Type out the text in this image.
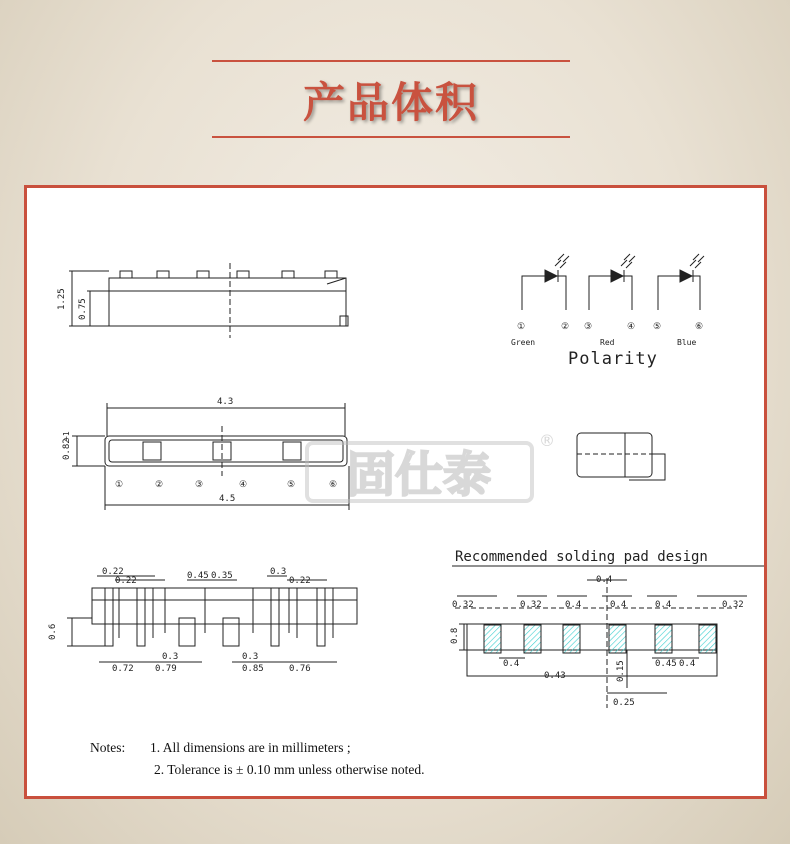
产品体积
1.25 0.75
4.3
4.5
0.82
+1
①	②	③	④	⑤	⑥ 固仕泰
®
①	② ③	④ ⑤	⑥
Green	Red	Blue
Polarity
0.22
0.22	0.45 0.35	0.3
0.22
0.72 0.79
0.3	0.3
0.85	0.76
0.6
Recommended solding pad design
0.32	0.32	0.4	0.4	0.4	0.32
0.4
0.4
0.43
0.45 0.4
0.8
0.15
0.25
Notes: 1. All dimensions are in millimeters ;
2. Tolerance is ± 0.10 mm unless otherwise noted.
